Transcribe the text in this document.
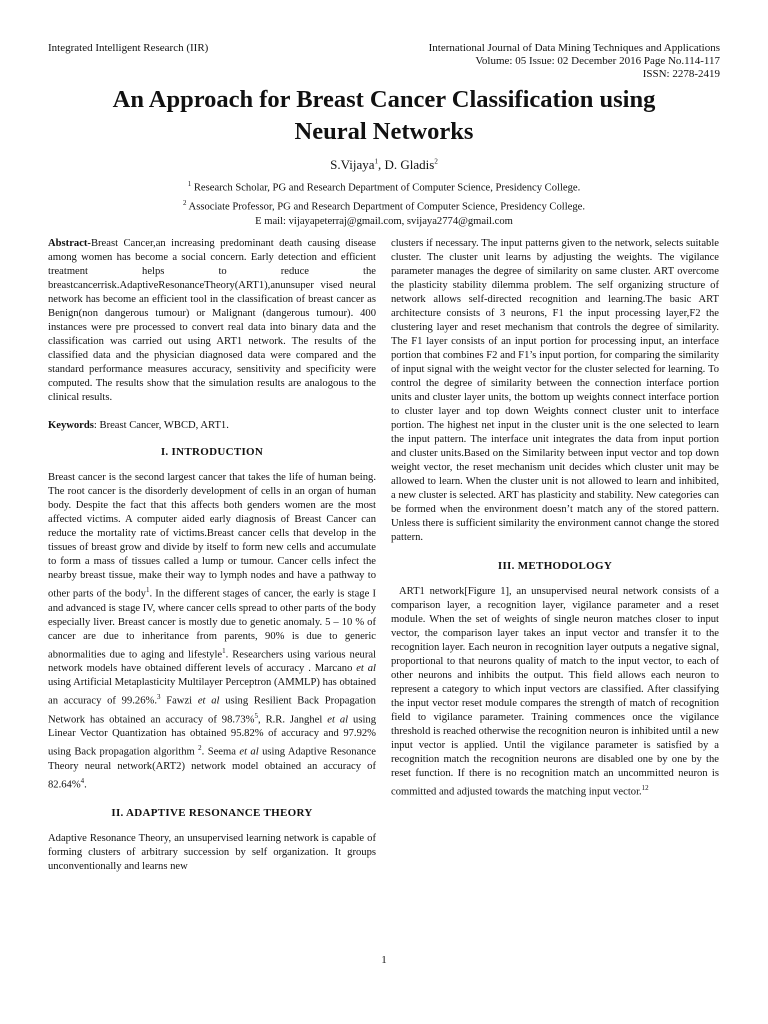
Integrated Intelligent Research (IIR)	International Journal of Data Mining Techniques and Applications
Volume: 05 Issue: 02 December 2016 Page No.114-117
ISSN: 2278-2419
An Approach for Breast Cancer Classification using
Neural Networks
S.Vijaya$^1$, D. Gladis$^2$
$^1$ Research Scholar, PG and Research Department of Computer Science, Presidency College.
$^2$ Associate Professor, PG and Research Department of Computer Science, Presidency College.
E mail: vijayapeterraj@gmail.com, svijaya2774@gmail.com

Abstract-Breast Cancer,an increasing predominant death causing disease among women has become a social concern. Early detection and efficient treatment helps to reduce the breastcancerrisk.AdaptiveResonanceTheory(ART1),anunsuper vised neural network has become an efficient tool in the classification of breast cancer as Benign(non dangerous tumour) or Malignant (dangerous tumour). 400 instances were pre processed to convert real data into binary data and the classification was carried out using ART1 network. The results of the classified data and the physician diagnosed data were compared and the standard performance measures accuracy, sensitivity and specificity were computed. The results show that the simulation results are analogous to the clinical results.

Keywords: Breast Cancer, WBCD, ART1.

I. INTRODUCTION

Breast cancer is the second largest cancer that takes the life of human being. The root cancer is the disorderly development of cells in an organ of human body. Despite the fact that this affects both genders women are the most affected victims. A computer aided early diagnosis of Breast Cancer can reduce the mortality rate of victims.Breast cancer cells that develop in the tissues of breast grow and divide by itself to form new cells and accumulate to form a mass of tissues called a lump or tumour. Cancer cells infect the nearby breast tissue, make their way to lymph nodes and have a pathway to other parts of the body$^1$. In the different stages of cancer, the early is stage I and advanced is stage IV, where cancer cells spread to other parts of the body especially liver. Breast cancer is mostly due to genetic anomaly. 5 – 10 % of cancer are due to inheritance from parents, 90% is due to generic abnormalities due to aging and lifestyle$^1$. Researchers using various neural network models have obtained different levels of accuracy . Marcano et al using Artificial Metaplasticity Multilayer Perceptron (AMMLP) has obtained an accuracy of 99.26%.$^3$ Fawzi et al using Resilient Back Propagation Network has obtained an accuracy of 98.73%$^5$, R.R. Janghel et al using Linear Vector Quantization has obtained 95.82% of accuracy and 97.92% using Back propagation algorithm $^2$. Seema et al using Adaptive Resonance Theory neural network(ART2) network model obtained an accuracy of 82.64%$^4$.

II. ADAPTIVE RESONANCE THEORY

Adaptive Resonance Theory, an unsupervised learning network is capable of forming clusters of arbitrary succession by self organization. It groups unconventionally and learns new

clusters if necessary. The input patterns given to the network, selects suitable cluster. The cluster unit learns by adjusting the weights. The vigilance parameter manages the degree of similarity on same cluster. ART overcome the plasticity stability dilemma problem. The self organizing structure of network allows self-directed recognition and learning.The basic ART architecture consists of 3 neurons, F1 the input processing layer,F2 the clustering layer and reset mechanism that controls the degree of similarity. The F1 layer consists of an input portion for processing input, an interface portion that combines F2 and F1’s input portion, for comparing the similarity of input signal with the weight vector for the cluster selected for learning. To control the degree of similarity between the connection interface portion units and cluster layer units, the bottom up weights connect interface portion to cluster layer and top down Weights connect cluster unit to interface portion. The highest net input in the cluster unit is the one selected to learn the input pattern. The interface unit integrates the data from input portion and cluster units.Based on the Similarity between input vector and top down weight vector, the reset mechanism unit decides which cluster unit may be allowed to learn. When the cluster unit is not allowed to learn and inhibited, a new cluster is selected. ART has plasticity and stability. New categories can be formed when the environment doesn’t match any of the stored pattern. Unless there is sufficient similarity the environment cannot change the stored pattern.

III. METHODOLOGY

ART1 network[Figure 1], an unsupervised neural network consists of a comparison layer, a recognition layer, vigilance parameter and a reset module. When the set of weights of single neuron matches closer to input vector, the comparison layer takes an input vector and transfer it to the recognition layer. Each neuron in recognition layer outputs a negative signal, proportional to that neurons quality of match to the input vector, to each of other neurons and inhibits the output. This field allows each neuron to represent a category to which input vectors are classified. After classifying the input vector reset module compares the strength of match of recognition field to vigilance parameter. Training commences once the vigilance threshold is reached otherwise the recognition neuron is inhibited until a new input vector is applied. Until the vigilance parameter is satisfied by a recognition match the recognition neurons are disabled one by one by the reset function. If there is no recognition match an uncommitted neuron is committed and adjusted towards the matching input vector.$^{12}$

1
